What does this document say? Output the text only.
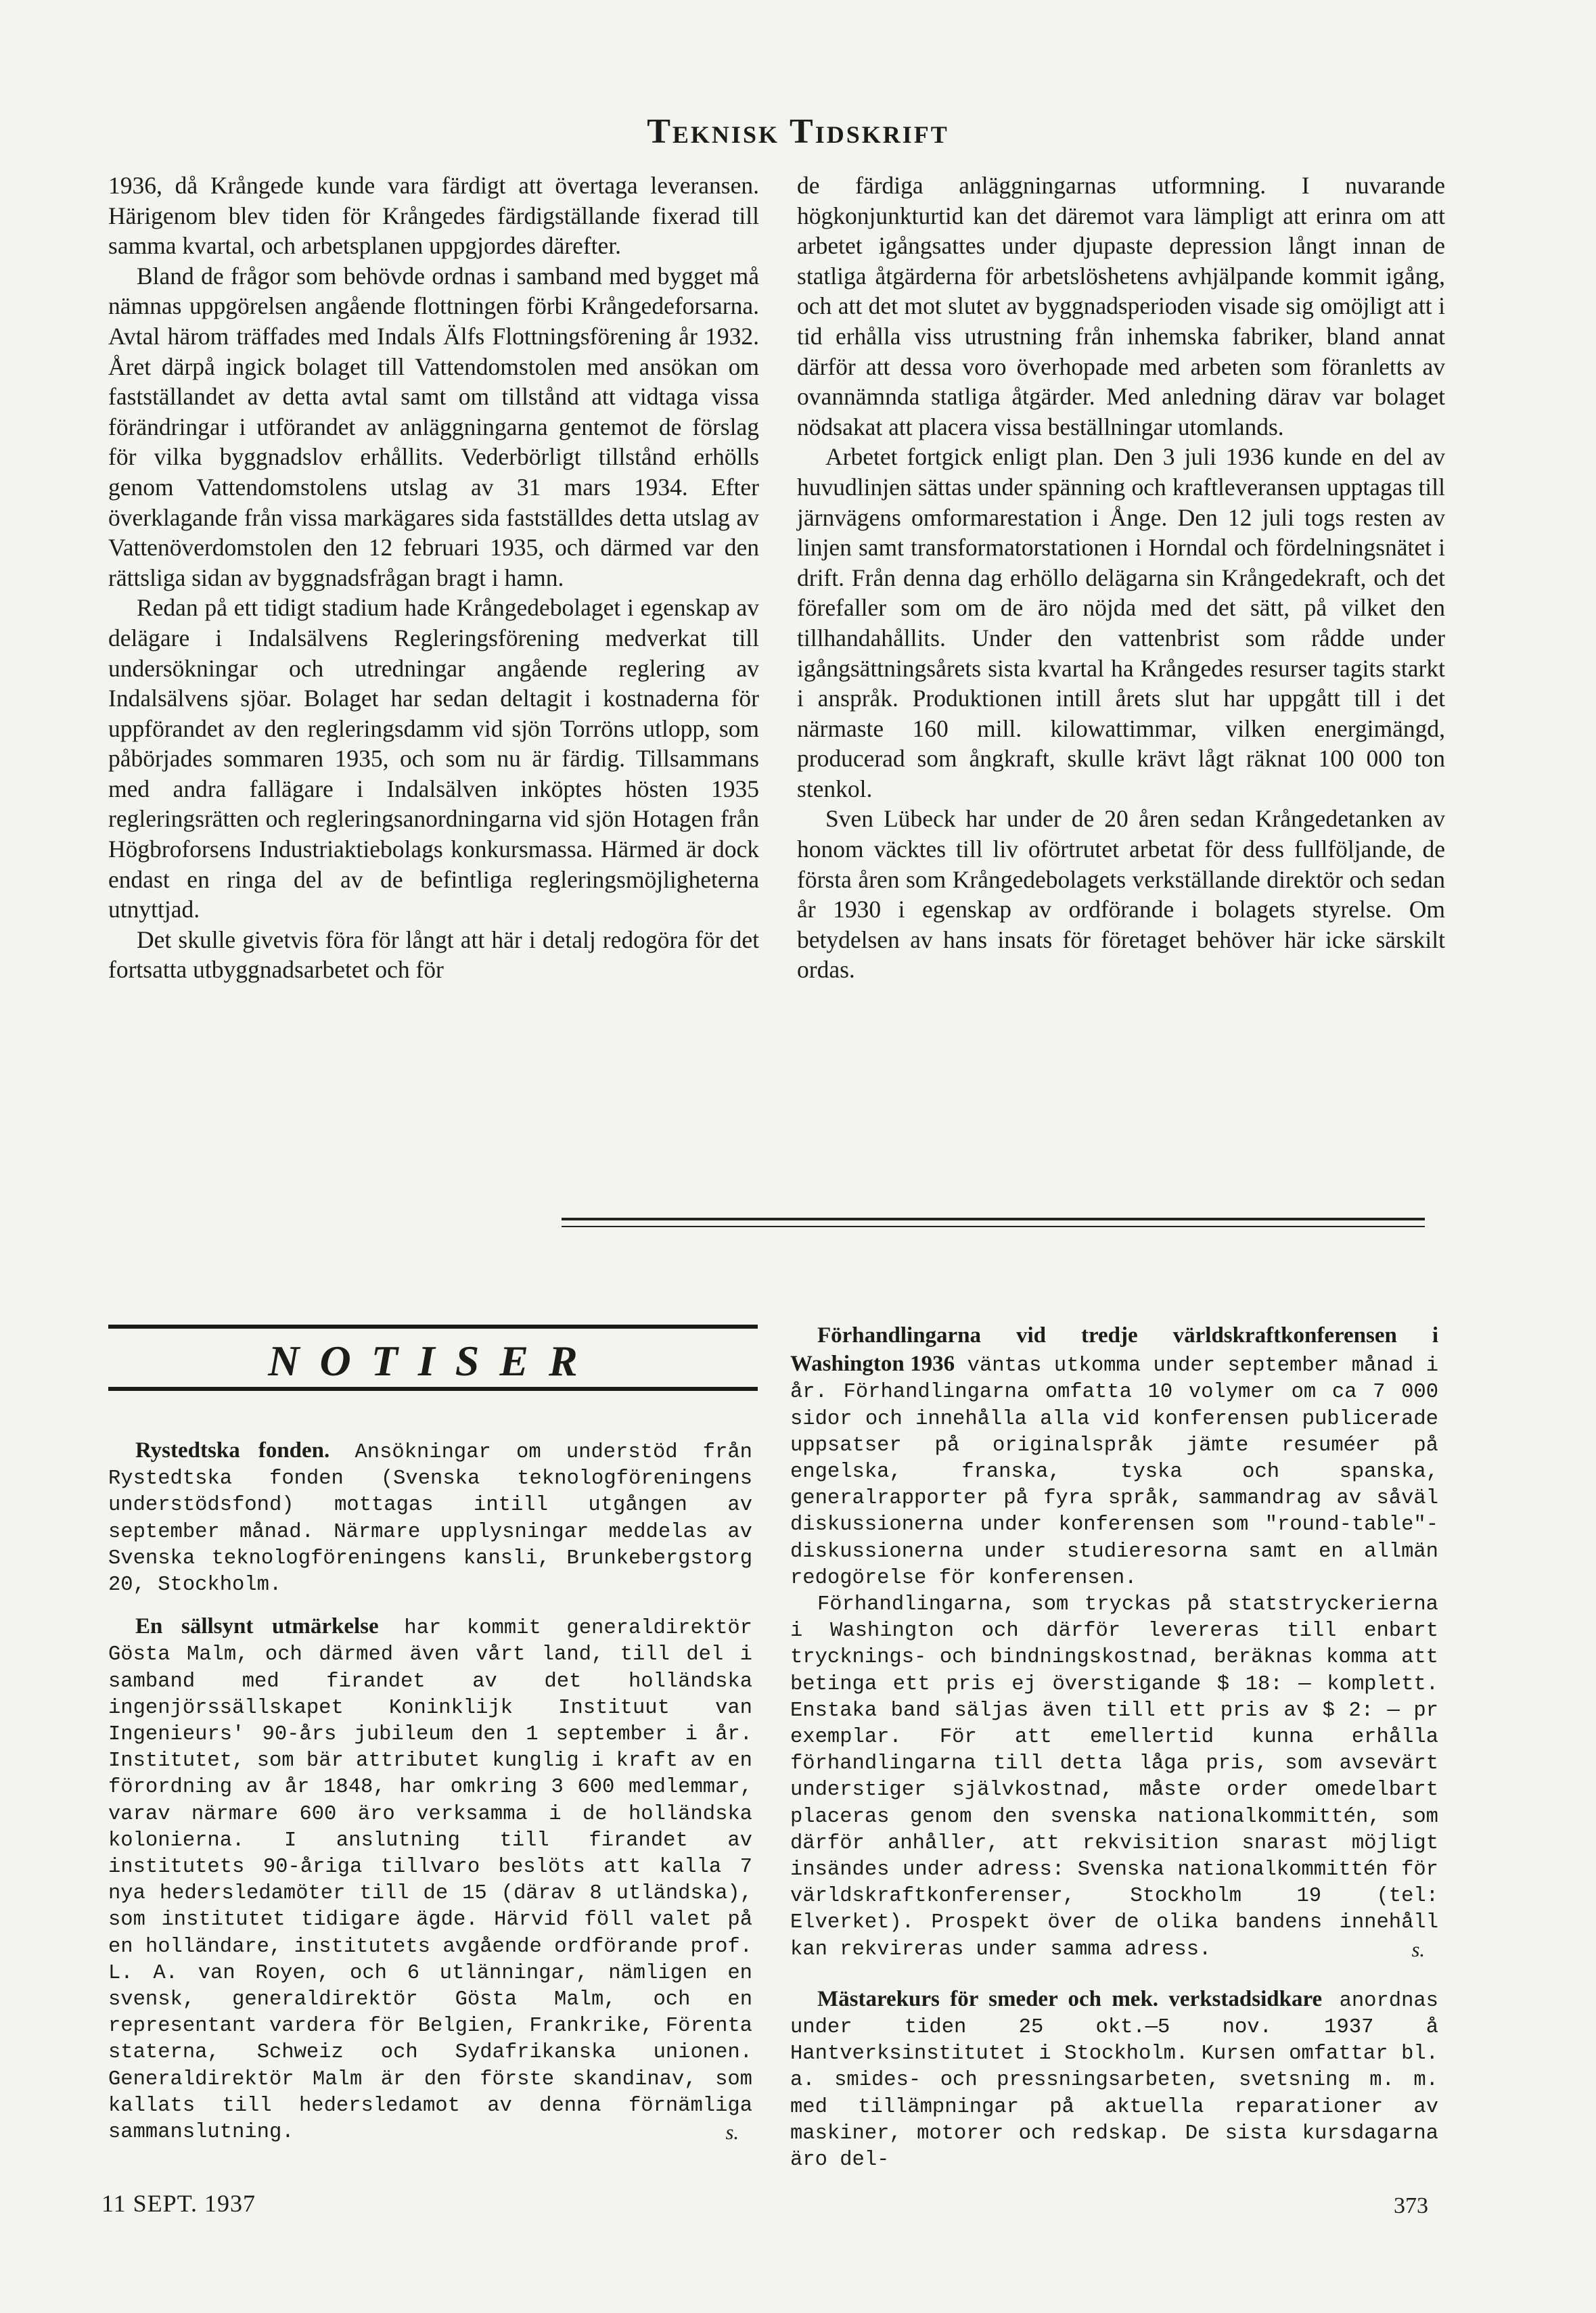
Teknisk Tidskrift

1936, då Krångede kunde vara färdigt att övertaga leveransen. Härigenom blev tiden för Krångedes färdigställande fixerad till samma kvartal, och arbetsplanen uppgjordes därefter.

Bland de frågor som behövde ordnas i samband med bygget må nämnas uppgörelsen angående flottningen förbi Krångedeforsarna. Avtal härom träffades med Indals Älfs Flottningsförening år 1932. Året därpå ingick bolaget till Vattendomstolen med ansökan om fastställandet av detta avtal samt om tillstånd att vidtaga vissa förändringar i utförandet av anläggningarna gentemot de förslag för vilka byggnadslov erhållits. Vederbörligt tillstånd erhölls genom Vattendomstolens utslag av 31 mars 1934. Efter överklagande från vissa markägares sida fastställdes detta utslag av Vattenöverdomstolen den 12 februari 1935, och därmed var den rättsliga sidan av byggnadsfrågan bragt i hamn.

Redan på ett tidigt stadium hade Krångedebolaget i egenskap av delägare i Indalsälvens Regleringsförening medverkat till undersökningar och utredningar angående reglering av Indalsälvens sjöar. Bolaget har sedan deltagit i kostnaderna för uppförandet av den regleringsdamm vid sjön Torröns utlopp, som påbörjades sommaren 1935, och som nu är färdig. Tillsammans med andra fallägare i Indalsälven inköptes hösten 1935 regleringsrätten och regleringsanordningarna vid sjön Hotagen från Högbroforsens Industriaktiebolags konkursmassa. Härmed är dock endast en ringa del av de befintliga regleringsmöjligheterna utnyttjad.

Det skulle givetvis föra för långt att här i detalj redogöra för det fortsatta utbyggnadsarbetet och för

de färdiga anläggningarnas utformning. I nuvarande högkonjunkturtid kan det däremot vara lämpligt att erinra om att arbetet igångsattes under djupaste depression långt innan de statliga åtgärderna för arbetslöshetens avhjälpande kommit igång, och att det mot slutet av byggnadsperioden visade sig omöjligt att i tid erhålla viss utrustning från inhemska fabriker, bland annat därför att dessa voro överhopade med arbeten som föranletts av ovannämnda statliga åtgärder. Med anledning därav var bolaget nödsakat att placera vissa beställningar utomlands.

Arbetet fortgick enligt plan. Den 3 juli 1936 kunde en del av huvudlinjen sättas under spänning och kraftleveransen upptagas till järnvägens omformarestation i Ånge. Den 12 juli togs resten av linjen samt transformatorstationen i Horndal och fördelningsnätet i drift. Från denna dag erhöllo delägarna sin Krångedekraft, och det förefaller som om de äro nöjda med det sätt, på vilket den tillhandahållits. Under den vattenbrist som rådde under igångsättningsårets sista kvartal ha Krångedes resurser tagits starkt i anspråk. Produktionen intill årets slut har uppgått till i det närmaste 160 mill. kilowattimmar, vilken energimängd, producerad som ångkraft, skulle krävt lågt räknat 100 000 ton stenkol.

Sven Lübeck har under de 20 åren sedan Krångedetanken av honom väcktes till liv oförtrutet arbetat för dess fullföljande, de första åren som Krångedebolagets verkställande direktör och sedan år 1930 i egenskap av ordförande i bolagets styrelse. Om betydelsen av hans insats för företaget behöver här icke särskilt ordas.

NOTISER

Rystedtska fonden. Ansökningar om understöd från Rystedtska fonden (Svenska teknologföreningens understödsfond) mottagas intill utgången av september månad. Närmare upplysningar meddelas av Svenska teknologföreningens kansli, Brunkebergstorg 20, Stockholm.

En sällsynt utmärkelse har kommit generaldirektör Gösta Malm, och därmed även vårt land, till del i samband med firandet av det holländska ingenjörssällskapet Koninklijk Instituut van Ingenieurs' 90-års jubileum den 1 september i år. Institutet, som bär attributet kunglig i kraft av en förordning av år 1848, har omkring 3 600 medlemmar, varav närmare 600 äro verksamma i de holländska kolonierna. I anslutning till firandet av institutets 90-åriga tillvaro beslöts att kalla 7 nya hedersledamöter till de 15 (därav 8 utländska), som institutet tidigare ägde. Härvid föll valet på en holländare, institutets avgående ordförande prof. L. A. van Royen, och 6 utlänningar, nämligen en svensk, generaldirektör Gösta Malm, och en representant vardera för Belgien, Frankrike, Förenta staterna, Schweiz och Sydafrikanska unionen. Generaldirektör Malm är den förste skandinav, som kallats till hedersledamot av denna förnämliga sammanslutning.	s.

Förhandlingarna vid tredje världskraftkonferensen i Washington 1936 väntas utkomma under september månad i år. Förhandlingarna omfatta 10 volymer om ca 7 000 sidor och innehålla alla vid konferensen publicerade uppsatser på originalspråk jämte resuméer på engelska, franska, tyska och spanska, generalrapporter på fyra språk, sammandrag av såväl diskussionerna under konferensen som "round-table"-diskussionerna under studieresorna samt en allmän redogörelse för konferensen.

Förhandlingarna, som tryckas på statstryckerierna i Washington och därför levereras till enbart trycknings- och bindningskostnad, beräknas komma att betinga ett pris ej överstigande $ 18: — komplett. Enstaka band säljas även till ett pris av $ 2: — pr exemplar. För att emellertid kunna erhålla förhandlingarna till detta låga pris, som avsevärt understiger självkostnad, måste order omedelbart placeras genom den svenska nationalkommittén, som därför anhåller, att rekvisition snarast möjligt insändes under adress: Svenska nationalkommittén för världskraftkonferenser, Stockholm 19 (tel: Elverket). Prospekt över de olika bandens innehåll kan rekvireras under samma adress.	s.

Mästarekurs för smeder och mek. verkstadsidkare anordnas under tiden 25 okt.—5 nov. 1937 å Hantverksinstitutet i Stockholm. Kursen omfattar bl. a. smides- och pressningsarbeten, svetsning m. m. med tillämpningar på aktuella reparationer av maskiner, motorer och redskap. De sista kursdagarna äro del-

11 SEPT. 1937	373
